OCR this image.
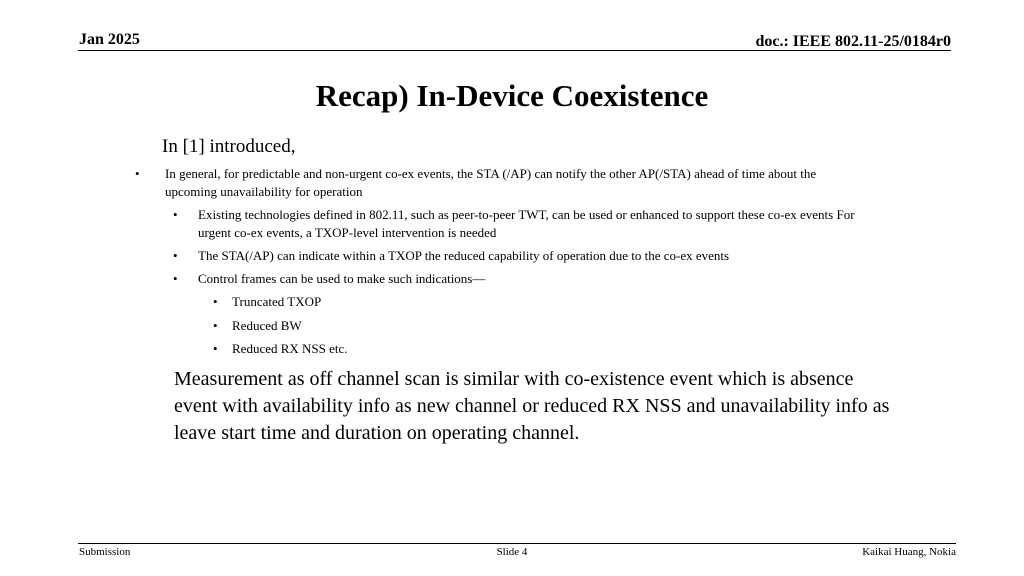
Jan 2025	doc.: IEEE 802.11-25/0184r0
Recap) In-Device Coexistence
In [1] introduced,
• In general, for predictable and non-urgent co-ex events, the STA (/AP) can notify the other AP(/STA) ahead of time about the upcoming unavailability for operation
• Existing technologies defined in 802.11, such as peer-to-peer TWT, can be used or enhanced to support these co-ex events For urgent co-ex events, a TXOP-level intervention is needed
• The STA(/AP) can indicate within a TXOP the reduced capability of operation due to the co-ex events
• Control frames can be used to make such indications—
• Truncated TXOP
• Reduced BW
• Reduced RX NSS etc.
Measurement as off channel scan is similar with co-existence event which is absence event with availability info as new channel or reduced RX NSS and unavailability info as leave start time and duration on operating channel.
Submission	Slide 4	Kaikai Huang, Nokia
